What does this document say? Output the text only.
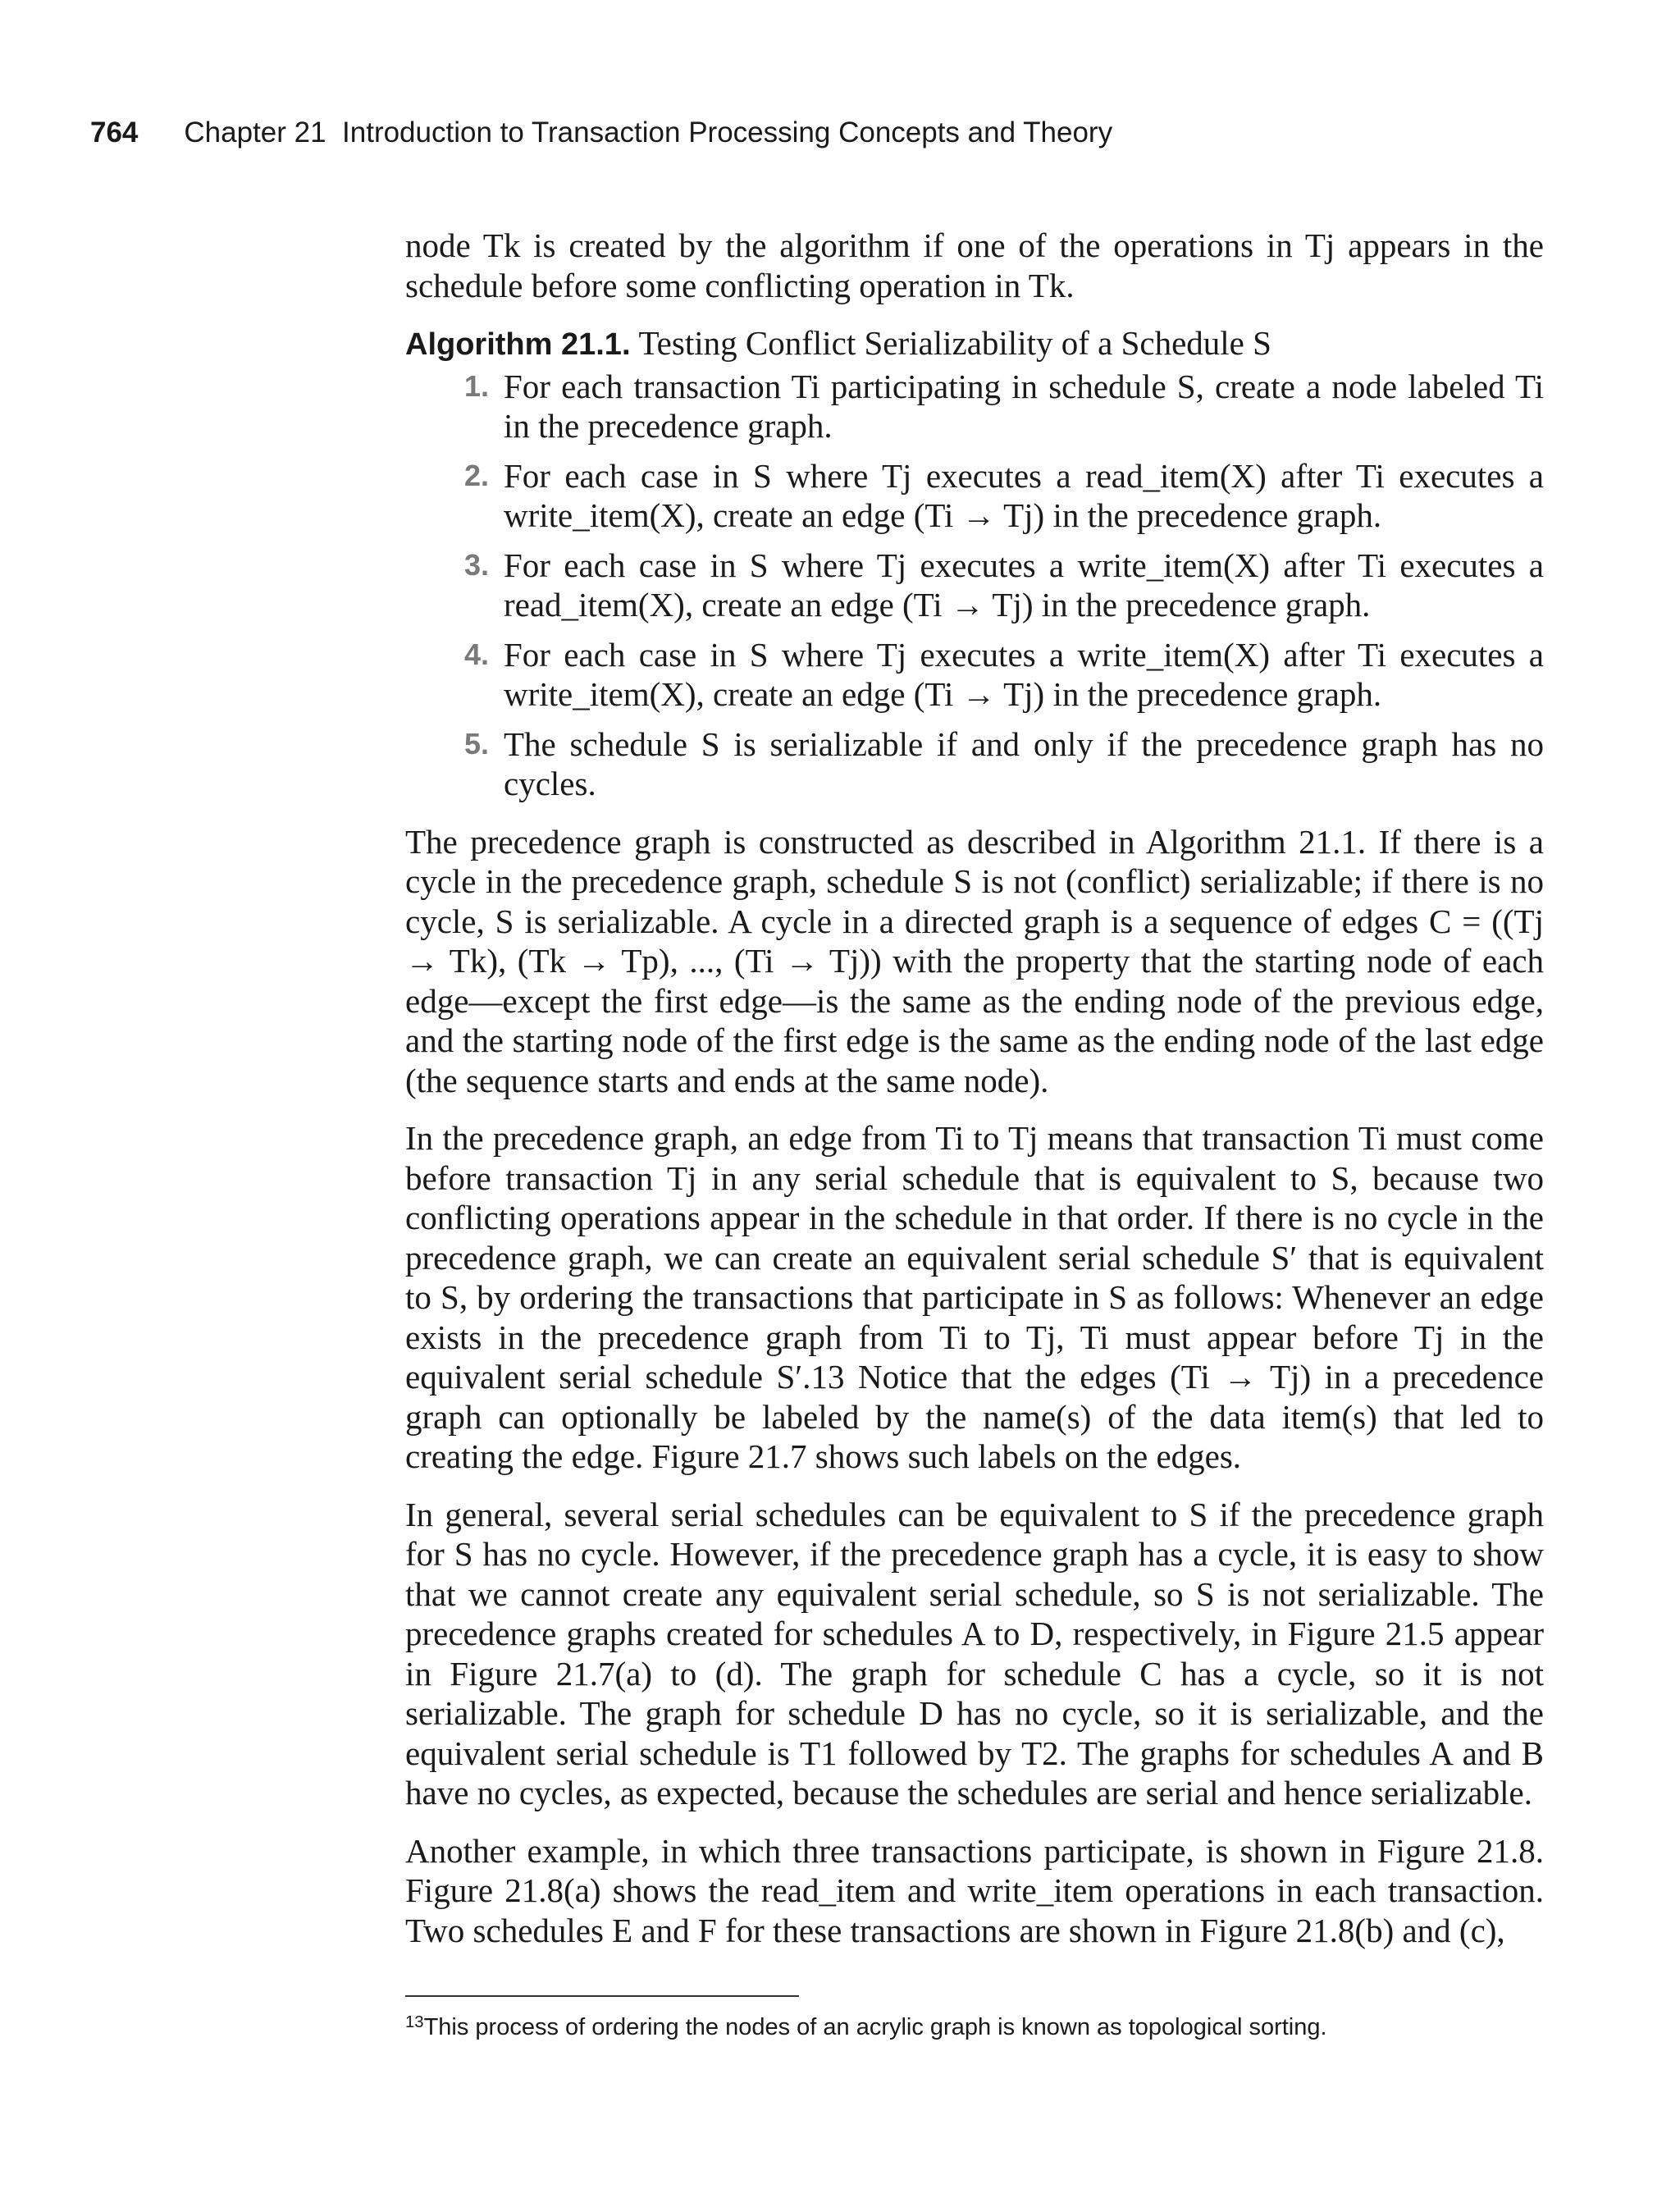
764 Chapter 21  Introduction to Transaction Processing Concepts and Theory

node Tk is created by the algorithm if one of the operations in Tj appears in the schedule before some conflicting operation in Tk.

Algorithm 21.1. Testing Conflict Serializability of a Schedule S
1. For each transaction Ti participating in schedule S, create a node labeled Ti in the precedence graph.
2. For each case in S where Tj executes a read_item(X) after Ti executes a write_item(X), create an edge (Ti → Tj) in the precedence graph.
3. For each case in S where Tj executes a write_item(X) after Ti executes a read_item(X), create an edge (Ti → Tj) in the precedence graph.
4. For each case in S where Tj executes a write_item(X) after Ti executes a write_item(X), create an edge (Ti → Tj) in the precedence graph.
5. The schedule S is serializable if and only if the precedence graph has no cycles.

The precedence graph is constructed as described in Algorithm 21.1. If there is a cycle in the precedence graph, schedule S is not (conflict) serializable; if there is no cycle, S is serializable. A cycle in a directed graph is a sequence of edges C = ((Tj → Tk), (Tk → Tp), ..., (Ti → Tj)) with the property that the starting node of each edge—except the first edge—is the same as the ending node of the previous edge, and the starting node of the first edge is the same as the ending node of the last edge (the sequence starts and ends at the same node).

In the precedence graph, an edge from Ti to Tj means that transaction Ti must come before transaction Tj in any serial schedule that is equivalent to S, because two conflicting operations appear in the schedule in that order. If there is no cycle in the precedence graph, we can create an equivalent serial schedule S′ that is equivalent to S, by ordering the transactions that participate in S as follows: Whenever an edge exists in the precedence graph from Ti to Tj, Ti must appear before Tj in the equivalent serial schedule S′.13 Notice that the edges (Ti → Tj) in a precedence graph can optionally be labeled by the name(s) of the data item(s) that led to creating the edge. Figure 21.7 shows such labels on the edges.

In general, several serial schedules can be equivalent to S if the precedence graph for S has no cycle. However, if the precedence graph has a cycle, it is easy to show that we cannot create any equivalent serial schedule, so S is not serializable. The precedence graphs created for schedules A to D, respectively, in Figure 21.5 appear in Figure 21.7(a) to (d). The graph for schedule C has a cycle, so it is not serializable. The graph for schedule D has no cycle, so it is serializable, and the equivalent serial schedule is T1 followed by T2. The graphs for schedules A and B have no cycles, as expected, because the schedules are serial and hence serializable.

Another example, in which three transactions participate, is shown in Figure 21.8. Figure 21.8(a) shows the read_item and write_item operations in each transaction. Two schedules E and F for these transactions are shown in Figure 21.8(b) and (c),

$^{13}$This process of ordering the nodes of an acrylic graph is known as topological sorting.
